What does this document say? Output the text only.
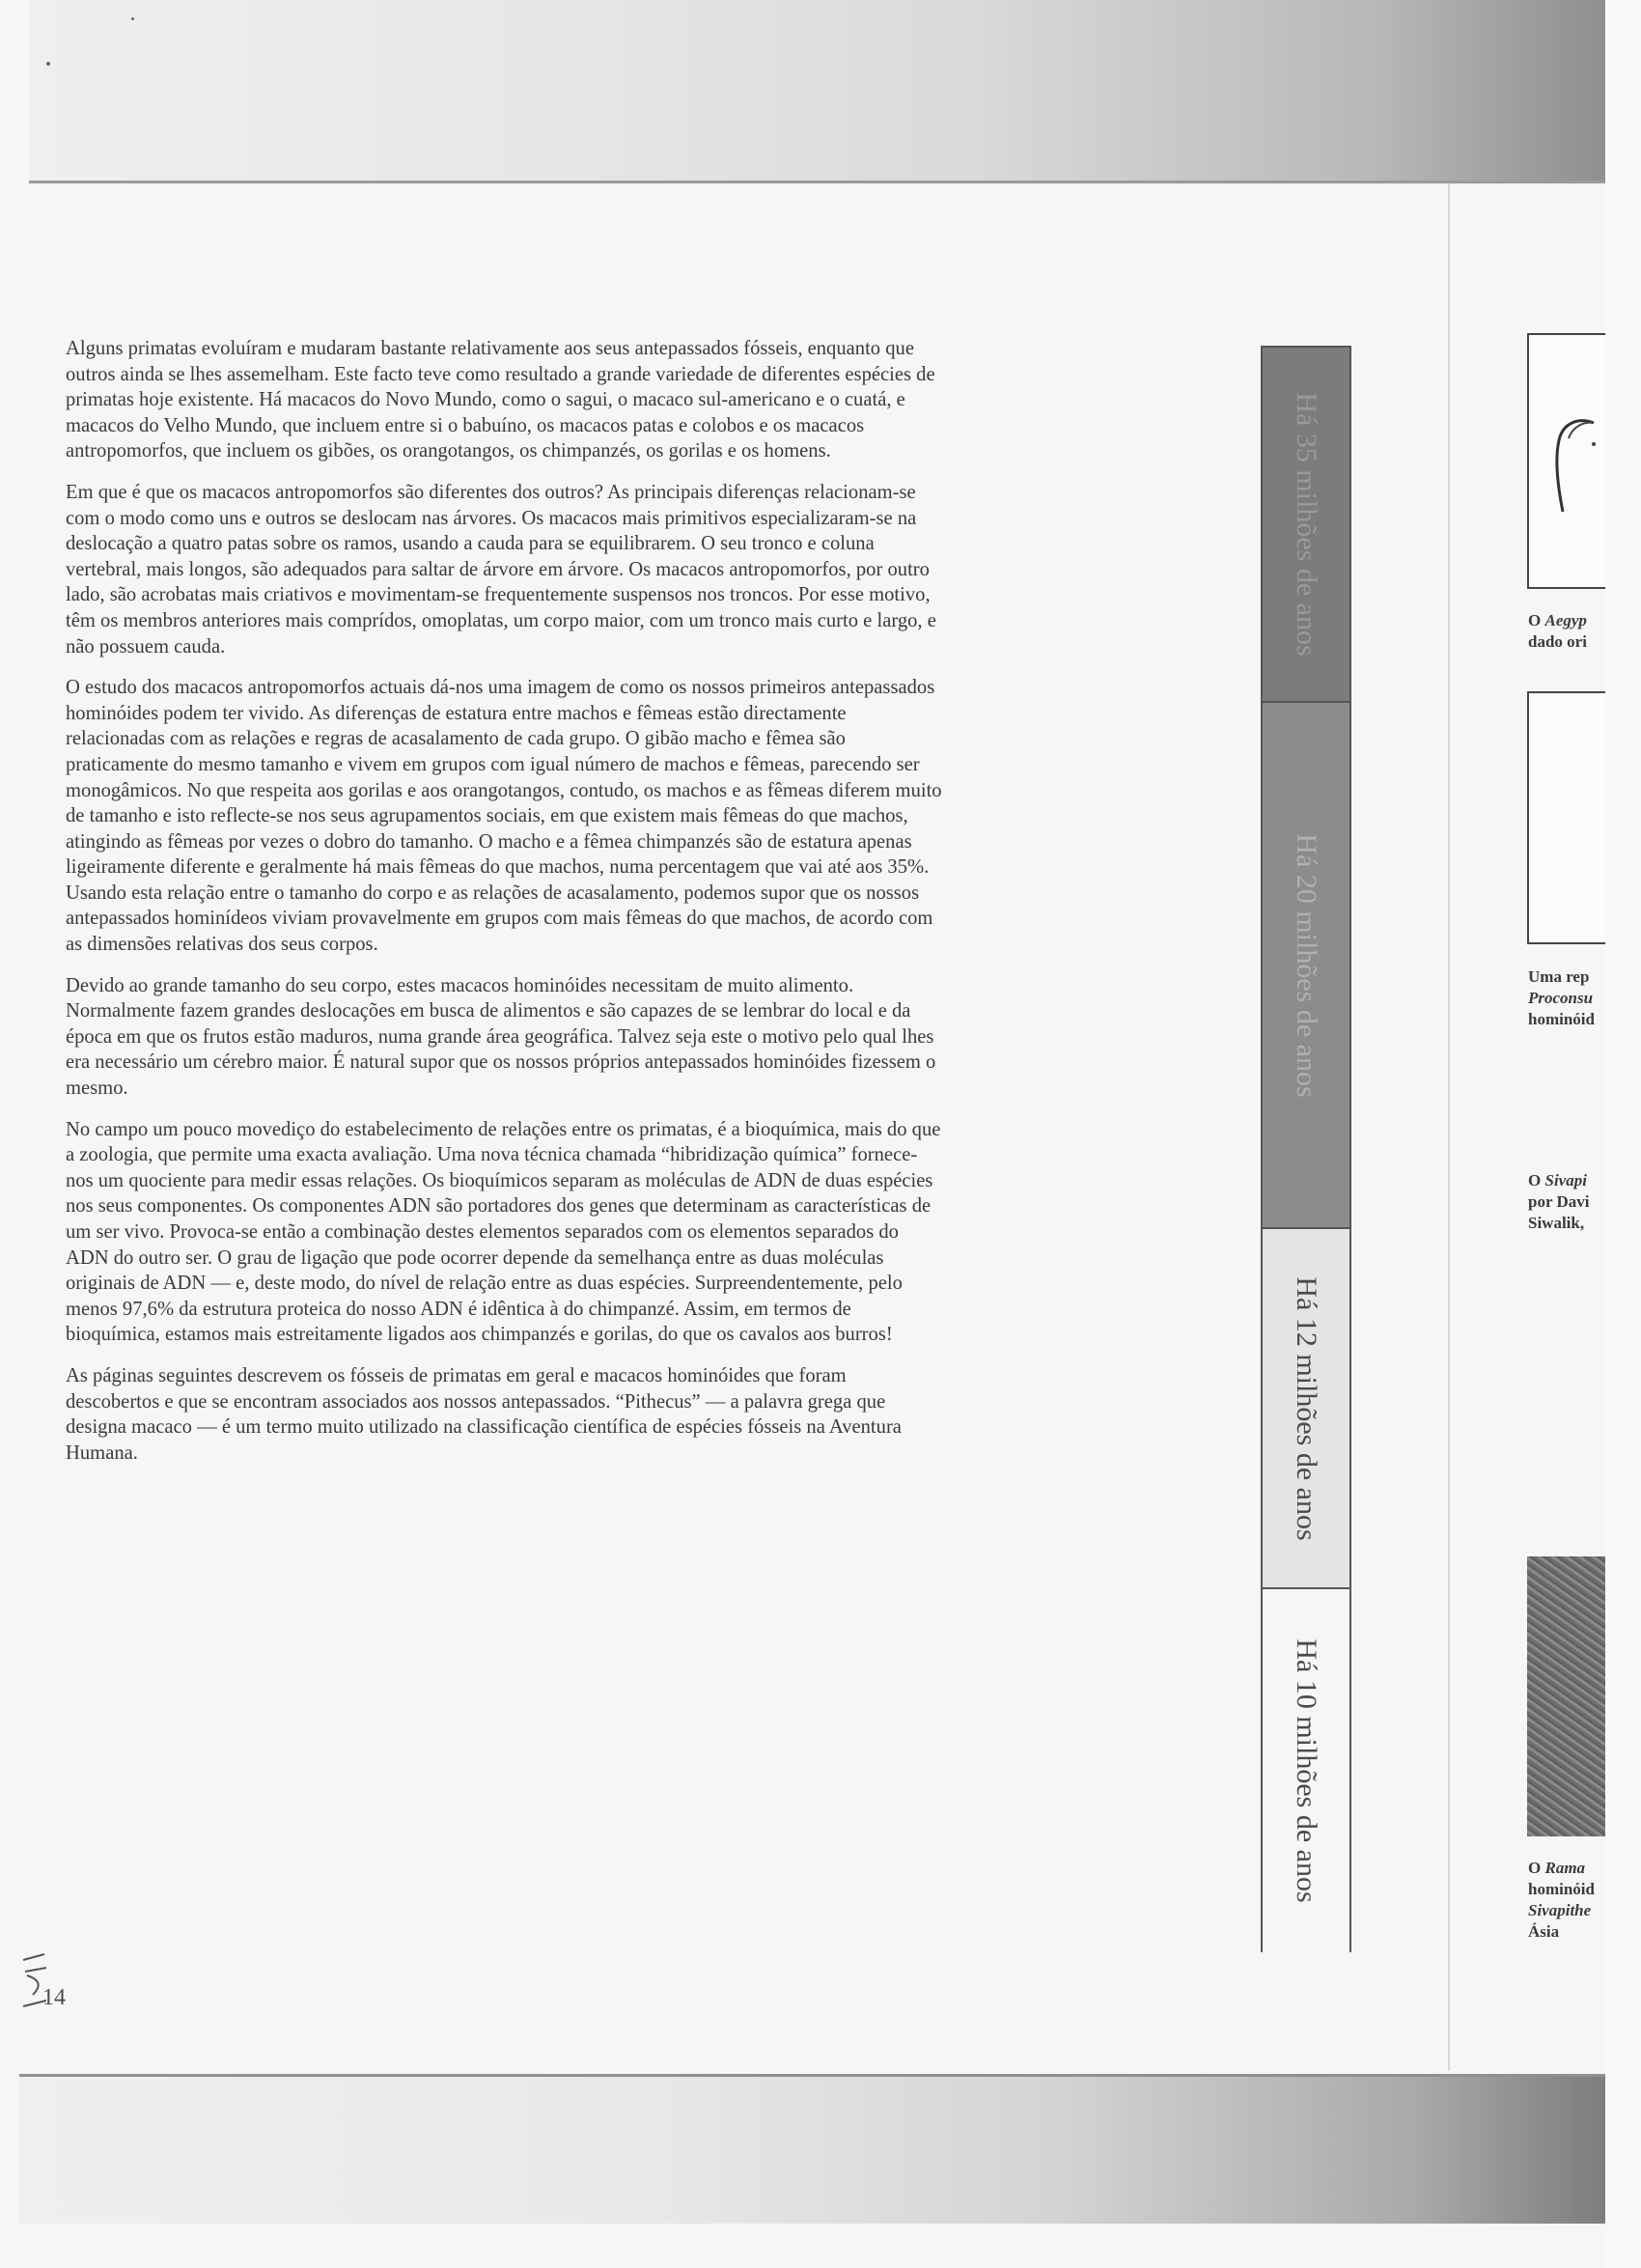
Alguns primatas evoluíram e mudaram bastante relativamente aos seus antepassados fósseis, enquanto que outros ainda se lhes assemelham. Este facto teve como resultado a grande variedade de diferentes espécies de primatas hoje existente. Há macacos do Novo Mundo, como o sagui, o macaco sul-americano e o cuatá, e macacos do Velho Mundo, que incluem entre si o babuíno, os macacos patas e colobos e os macacos antropomorfos, que incluem os gibões, os orangotangos, os chimpanzés, os gorilas e os homens.

Em que é que os macacos antropomorfos são diferentes dos outros? As principais diferenças relacionam-se com o modo como uns e outros se deslocam nas árvores. Os macacos mais primitivos especializaram-se na deslocação a quatro patas sobre os ramos, usando a cauda para se equilibrarem. O seu tronco e coluna vertebral, mais longos, são adequados para saltar de árvore em árvore. Os macacos antropomorfos, por outro lado, são acrobatas mais criativos e movimentam-se frequentemente suspensos nos troncos. Por esse motivo, têm os membros anteriores mais comprídos, omoplatas, um corpo maior, com um tronco mais curto e largo, e não possuem cauda.

O estudo dos macacos antropomorfos actuais dá-nos uma imagem de como os nossos primeiros antepassados hominóides podem ter vivido. As diferenças de estatura entre machos e fêmeas estão directamente relacionadas com as relações e regras de acasalamento de cada grupo. O gibão macho e fêmea são praticamente do mesmo tamanho e vivem em grupos com igual número de machos e fêmeas, parecendo ser monogâmicos. No que respeita aos gorilas e aos orangotangos, contudo, os machos e as fêmeas diferem muito de tamanho e isto reflecte-se nos seus agrupamentos sociais, em que existem mais fêmeas do que machos, atingindo as fêmeas por vezes o dobro do tamanho. O macho e a fêmea chimpanzés são de estatura apenas ligeiramente diferente e geralmente há mais fêmeas do que machos, numa percentagem que vai até aos 35%. Usando esta relação entre o tamanho do corpo e as relações de acasalamento, podemos supor que os nossos antepassados hominídeos viviam provavelmente em grupos com mais fêmeas do que machos, de acordo com as dimensões relativas dos seus corpos.

Devido ao grande tamanho do seu corpo, estes macacos hominóides necessitam de muito alimento. Normalmente fazem grandes deslocações em busca de alimentos e são capazes de se lembrar do local e da época em que os frutos estão maduros, numa grande área geográfica. Talvez seja este o motivo pelo qual lhes era necessário um cérebro maior. É natural supor que os nossos próprios antepassados hominóides fizessem o mesmo.

No campo um pouco movediço do estabelecimento de relações entre os primatas, é a bioquímica, mais do que a zoologia, que permite uma exacta avaliação. Uma nova técnica chamada “hibridização química” fornece-nos um quociente para medir essas relações. Os bioquímicos separam as moléculas de ADN de duas espécies nos seus componentes. Os componentes ADN são portadores dos genes que determinam as características de um ser vivo. Provoca-se então a combinação destes elementos separados com os elementos separados do ADN do outro ser. O grau de ligação que pode ocorrer depende da semelhança entre as duas moléculas originais de ADN — e, deste modo, do nível de relação entre as duas espécies. Surpreendentemente, pelo menos 97,6% da estrutura proteica do nosso ADN é idêntica à do chimpanzé. Assim, em termos de bioquímica, estamos mais estreitamente ligados aos chimpanzés e gorilas, do que os cavalos aos burros!

As páginas seguintes descrevem os fósseis de primatas em geral e macacos hominóides que foram descobertos e que se encontram associados aos nossos antepassados. “Pithecus” — a palavra grega que designa macaco — é um termo muito utilizado na classificação científica de espécies fósseis na Aventura Humana.

Há 35 milhões de anos
Há 20 milhões de anos
Há 12 milhões de anos
Há 10 milhões de anos
O Aegyp
dado ori
Uma rep
Proconsu
hominóid
O Sivapi
por Davi
Siwalik,
O Rama
hominóid
Sivapithe
Ásia
14
